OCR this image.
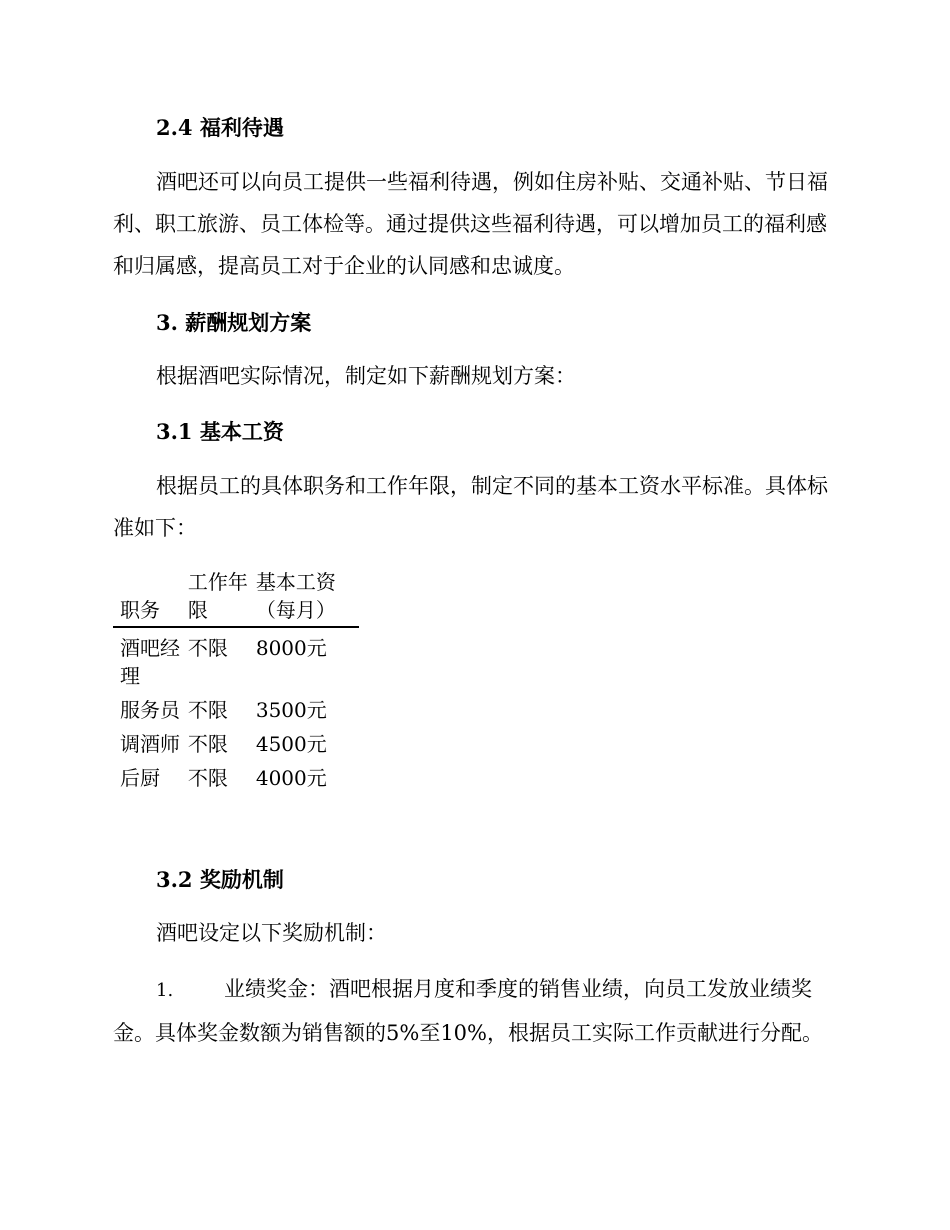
2.4 福利待遇
酒吧还可以向员工提供一些福利待遇，例如住房补贴、交通补贴、节日福利、职工旅游、员工体检等。通过提供这些福利待遇，可以增加员工的福利感和归属感，提高员工对于企业的认同感和忠诚度。
3. 薪酬规划方案
根据酒吧实际情况，制定如下薪酬规划方案：
3.1 基本工资
根据员工的具体职务和工作年限，制定不同的基本工资水平标准。具体标准如下：
职务	工作年限	基本工资（每月）
酒吧经理	不限	8000元
服务员	不限	3500元
调酒师	不限	4500元
后厨	不限	4000元
3.2 奖励机制
酒吧设定以下奖励机制：
1. 业绩奖金：酒吧根据月度和季度的销售业绩，向员工发放业绩奖金。具体奖金数额为销售额的5%至10%，根据员工实际工作贡献进行分配。
